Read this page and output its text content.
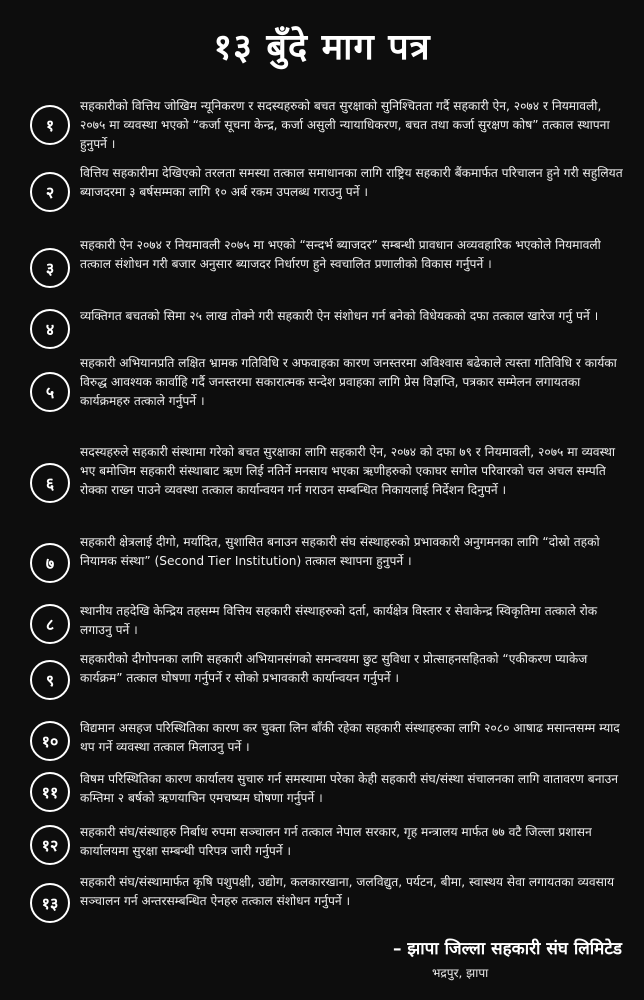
१३ बुँदे माग पत्र
१
सहकारीको वित्तिय जोखिम न्यूनिकरण र सदस्यहरुको बचत सुरक्षाको सुनिश्चितता गर्दै सहकारी ऐन, २०७४ र नियमावली, २०७५ मा व्यवस्था भएको “कर्जा सूचना केन्द्र, कर्जा असुली न्यायाधिकरण, बचत तथा कर्जा सुरक्षण कोष” तत्काल स्थापना हुनुपर्ने ।
२
वित्तिय सहकारीमा देखिएको तरलता समस्या तत्काल समाधानका लागि राष्ट्रिय सहकारी बैंकमार्फत परिचालन हुने गरी सहुलियत ब्याजदरमा ३ बर्षसम्मका लागि १० अर्ब रकम उपलब्ध गराउनु पर्ने ।
३
सहकारी ऐन २०७४ र नियमावली २०७५ मा भएको “सन्दर्भ ब्याजदर” सम्बन्धी प्रावधान अव्यवहारिक भएकोले नियमावली तत्काल संशोधन गरी बजार अनुसार ब्याजदर निर्धारण हुने स्वचालित प्रणालीको विकास गर्नुपर्ने ।
४
व्यक्तिगत बचतको सिमा २५ लाख तोक्ने गरी सहकारी ऐन संशोधन गर्न बनेको विधेयकको दफा तत्काल खारेज गर्नु पर्ने ।
५
सहकारी अभियानप्रति लक्षित भ्रामक गतिविधि र अफवाहका कारण जनस्तरमा अविश्वास बढेकाले त्यस्ता गतिविधि र कार्यका विरुद्ध आवश्यक कार्वाहि गर्दै जनस्तरमा सकारात्मक सन्देश प्रवाहका लागि प्रेस विज्ञप्ति, पत्रकार सम्मेलन लगायतका कार्यक्रमहरु तत्काले गर्नुपर्ने ।
६
सदस्यहरुले सहकारी संस्थामा गरेको बचत सुरक्षाका लागि सहकारी ऐन, २०७४ को दफा ७९ र नियमावली, २०७५ मा व्यवस्था भए बमोजिम सहकारी संस्थाबाट ऋण लिई नतिर्ने मनसाय भएका ऋणीहरुको एकाघर सगोल परिवारको चल अचल सम्पति रोक्का राख्न पाउने व्यवस्था तत्काल कार्यान्वयन गर्न गराउन सम्बन्धित निकायलाई निर्देशन दिनुपर्ने ।
७
सहकारी क्षेत्रलाई दीगो, मर्यादित, सुशासित बनाउन सहकारी संघ संस्थाहरुको प्रभावकारी अनुगमनका लागि “दोस्रो तहको नियामक संस्था” (Second Tier Institution) तत्काल स्थापना हुनुपर्ने ।
८
स्थानीय तहदेखि केन्द्रिय तहसम्म वित्तिय सहकारी संस्थाहरुको दर्ता, कार्यक्षेत्र विस्तार र सेवाकेन्द्र स्विकृतिमा तत्काले रोक लगाउनु पर्ने ।
९
सहकारीको दीगोपनका लागि सहकारी अभियानसंगको समन्वयमा छुट सुविधा र प्रोत्साहनसहितको “एकीकरण प्याकेज कार्यक्रम” तत्काल घोषणा गर्नुपर्ने र सोको प्रभावकारी कार्यान्वयन गर्नुपर्ने ।
१०
विद्यमान असहज परिस्थितिका कारण कर चुक्ता लिन बाँकी रहेका सहकारी संस्थाहरुका लागि २०८० आषाढ मसान्तसम्म म्याद थप गर्ने व्यवस्था तत्काल मिलाउनु पर्ने ।
११
विषम परिस्थितिका कारण कार्यालय सुचारु गर्न समस्यामा परेका केही सहकारी संघ/संस्था संचालनका लागि वातावरण बनाउन कम्तिमा २ बर्षको ऋणयाचिन एमचष्यम घोषणा गर्नुपर्ने ।
१२
सहकारी संघ/संस्थाहरु निर्बाध रुपमा सञ्चालन गर्न तत्काल नेपाल सरकार, गृह मन्त्रालय मार्फत ७७ वटै जिल्ला प्रशासन कार्यालयमा सुरक्षा सम्बन्धी परिपत्र जारी गर्नुपर्ने ।
१३
सहकारी संघ/संस्थामार्फत कृषि पशुपक्षी, उद्योग, कलकारखाना, जलविद्युत, पर्यटन, बीमा, स्वास्थय सेवा लगायतका व्यवसाय सञ्चालन गर्न अन्तरसम्बन्धित ऐनहरु तत्काल संशोधन गर्नुपर्ने ।
– झापा जिल्ला सहकारी संघ लिमिटेड
भद्रपुर, झापा
